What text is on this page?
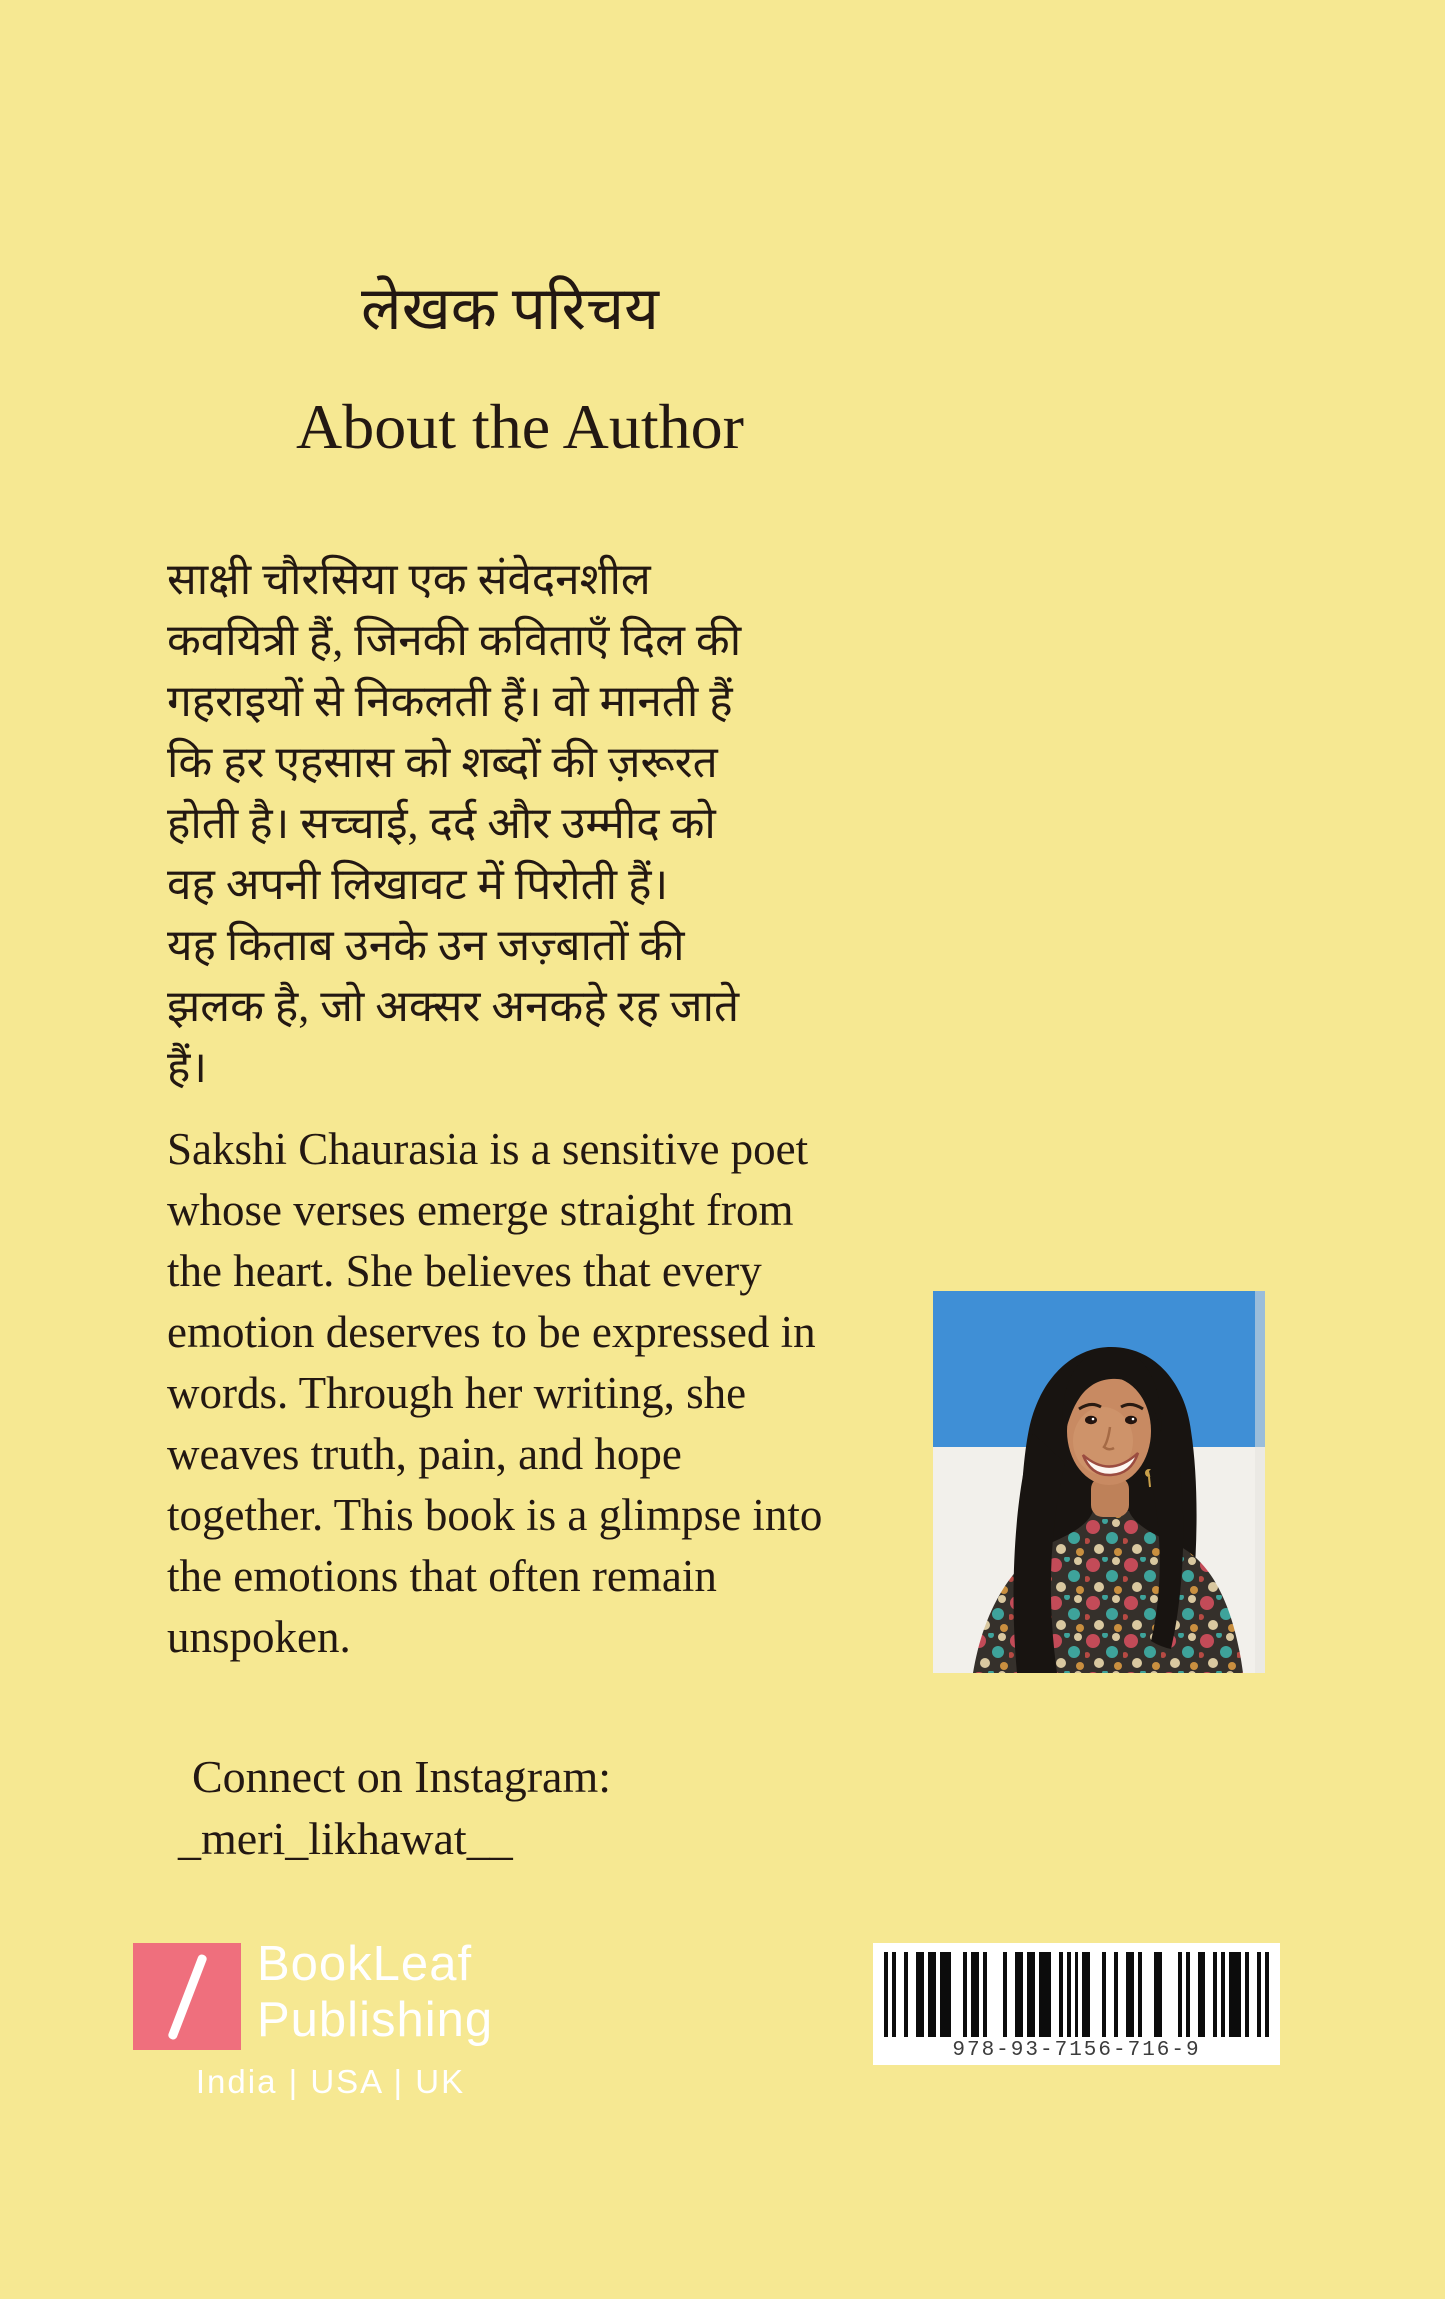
लेखक परिचय
About the Author
साक्षी चौरसिया एक संवेदनशील
कवयित्री हैं, जिनकी कविताएँ दिल की
गहराइयों से निकलती हैं। वो मानती हैं
कि हर एहसास को शब्दों की ज़रूरत
होती है। सच्चाई, दर्द और उम्मीद को
वह अपनी लिखावट में पिरोती हैं।
यह किताब उनके उन जज़्बातों की
झलक है, जो अक्सर अनकहे रह जाते
हैं।
Sakshi Chaurasia is a sensitive poet
whose verses emerge straight from
the heart. She believes that every
emotion deserves to be expressed in
words. Through her writing, she
weaves truth, pain, and hope
together. This book is a glimpse into
the emotions that often remain
unspoken.
Connect on Instagram:
_meri_likhawat__
BookLeaf
Publishing
India | USA | UK
978-93-7156-716-9
